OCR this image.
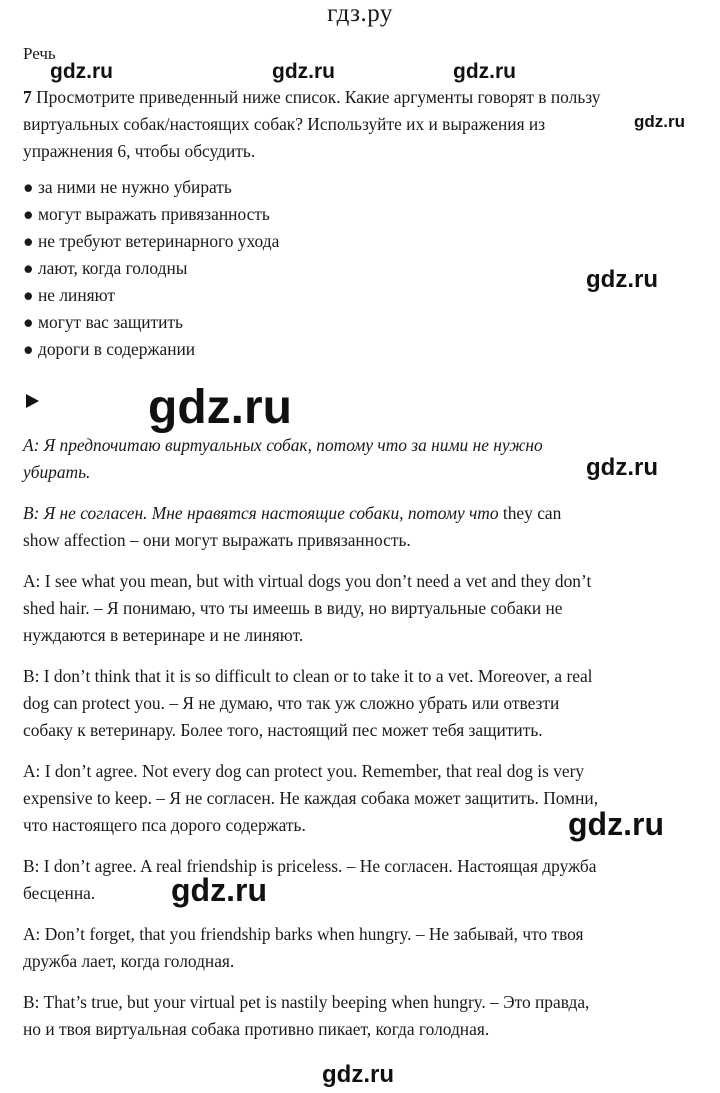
гдз.ру
Речь

7 Просмотрите приведенный ниже список. Какие аргументы говорят в пользу

виртуальных собак/настоящих собак? Используйте их и выражения из

упражнения 6, чтобы обсудить.

● за ними не нужно убирать
● могут выражать привязанность
● не требуют ветеринарного ухода
● лают, когда голодны
● не линяют
● могут вас защитить
● дороги в содержании

A: Я предпочитаю виртуальных собак, потому что за ними не нужно

убирать.

B: Я не согласен. Мне нравятся настоящие собаки, потому что they can

show affection – они могут выражать привязанность.

A: I see what you mean, but with virtual dogs you don’t need a vet and they don’t

shed hair. – Я понимаю, что ты имеешь в виду, но виртуальные собаки не

нуждаются в ветеринаре и не линяют.

B: I don’t think that it is so difficult to clean or to take it to a vet. Moreover, a real

dog can protect you. – Я не думаю, что так уж сложно убрать или отвезти

собаку к ветеринару. Более того, настоящий пес может тебя защитить.

A: I don’t agree. Not every dog can protect you. Remember, that real dog is very

expensive to keep. – Я не согласен. Не каждая собака может защитить. Помни,

что настоящего пса дорого содержать.

B: I don’t agree. A real friendship is priceless. – Не согласен. Настоящая дружба

бесценна.

A: Don’t forget, that you friendship barks when hungry. – Не забывай, что твоя

дружба лает, когда голодная.

B: That’s true, but your virtual pet is nastily beeping when hungry. – Это правда,

но и твоя виртуальная собака противно пикает, когда голодная.

gdz.ru	gdz.ru	gdz.ru
gdz.ru
gdz.ru
gdz.ru
gdz.ru
gdz.ru
gdz.ru
gdz.ru
